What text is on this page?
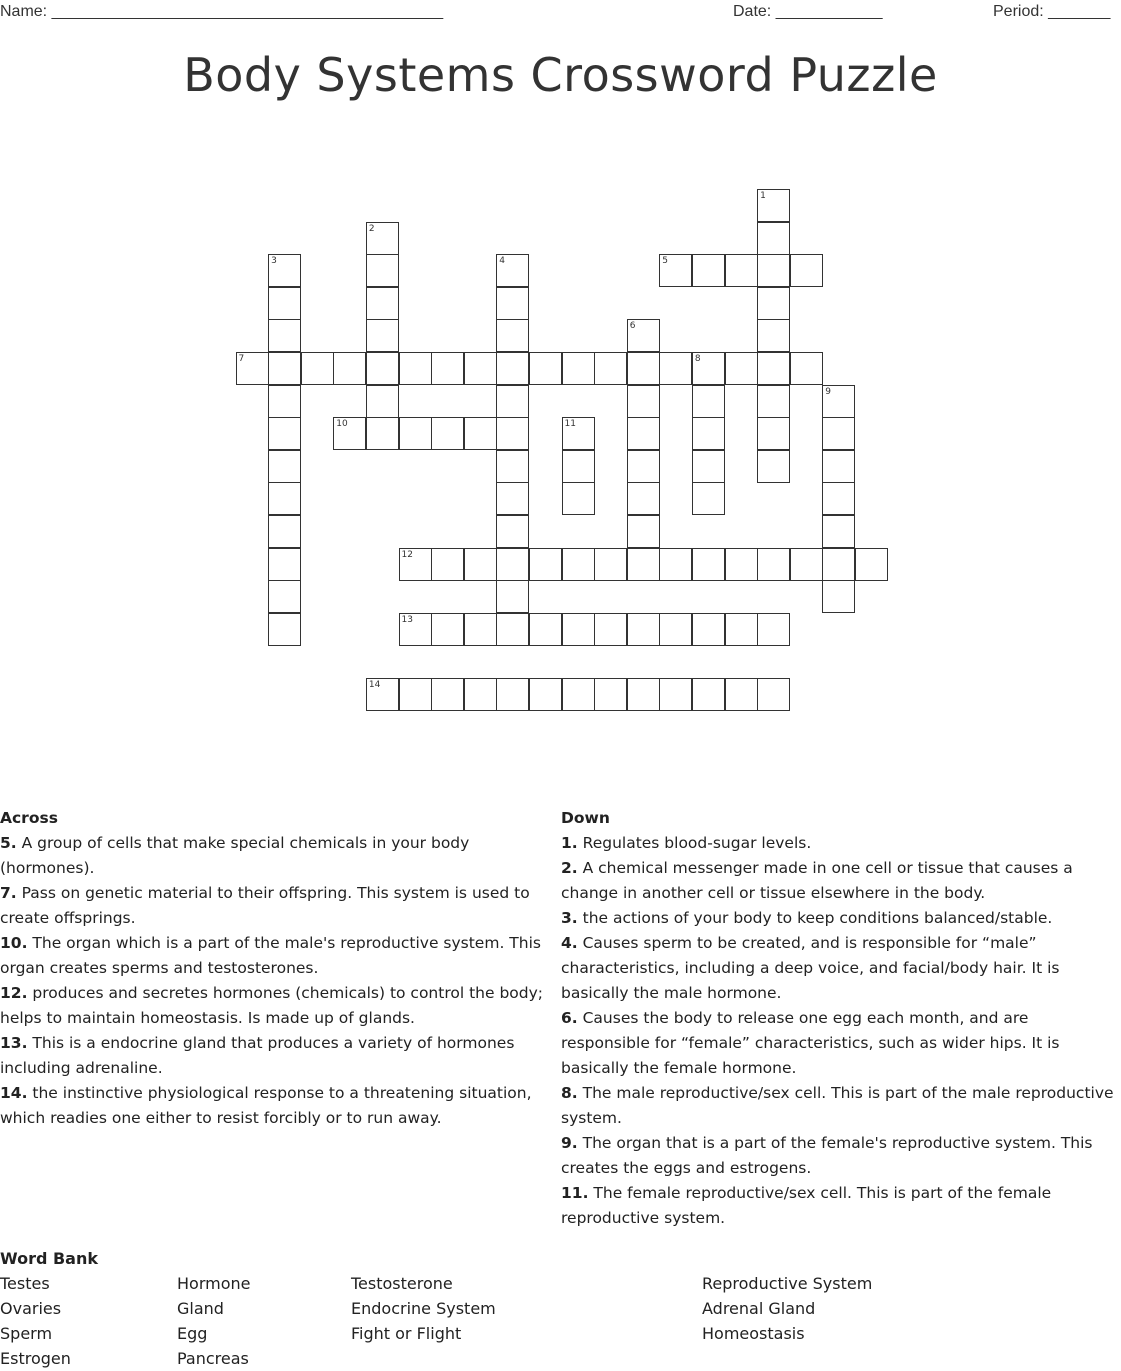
Name: ____________________________________________	Date: ____________	Period: _______
Body Systems Crossword Puzzle
1
2
3	4	5
6
7	8
9
10	11
12
13
14
Across

5. A group of cells that make special chemicals in your body (hormones).

7. Pass on genetic material to their offspring. This system is used to create offsprings.

10. The organ which is a part of the male's reproductive system. This organ creates sperms and testosterones.

12. produces and secretes hormones (chemicals) to control the body; helps to maintain homeostasis. Is made up of glands.

13. This is a endocrine gland that produces a variety of hormones including adrenaline.

14. the instinctive physiological response to a threatening situation, which readies one either to resist forcibly or to run away.

Down

1. Regulates blood-sugar levels.

2. A chemical messenger made in one cell or tissue that causes a change in another cell or tissue elsewhere in the body.

3. the actions of your body to keep conditions balanced/stable.

4. Causes sperm to be created, and is responsible for “male” characteristics, including a deep voice, and facial/body hair. It is basically the male hormone.

6. Causes the body to release one egg each month, and are responsible for “female” characteristics, such as wider hips. It is basically the female hormone.

8. The male reproductive/sex cell. This is part of the male reproductive system.

9. The organ that is a part of the female's reproductive system. This creates the eggs and estrogens.

11. The female reproductive/sex cell. This is part of the female reproductive system.

Word Bank
Testes
Ovaries
Sperm
Estrogen
Hormone
Gland
Egg
Pancreas
Testosterone
Endocrine System
Fight or Flight
Reproductive System
Adrenal Gland
Homeostasis
